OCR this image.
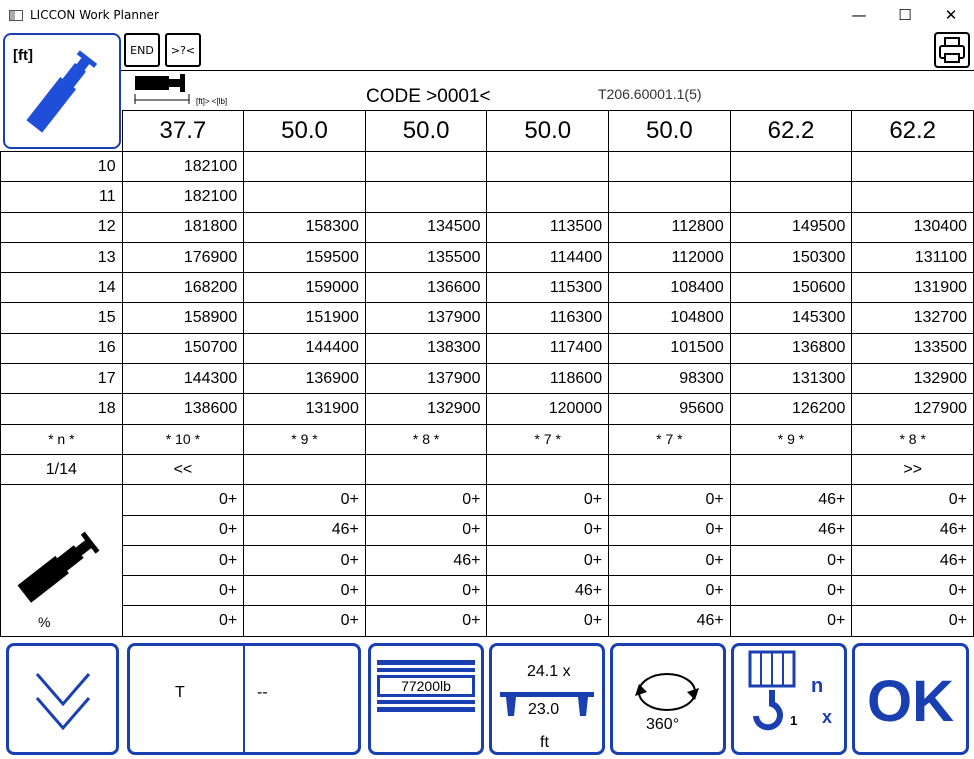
LICCON Work Planner	—	☐	✕
[ft]	END	>?<
[ft]> <[lb]	CODE >0001<	T206.60001.1(5)
	37.7	50.0	50.0	50.0	50.0	62.2	62.2
10	182100						
11	182100						
12	181800	158300	134500	113500	112800	149500	130400
13	176900	159500	135500	114400	112000	150300	131100
14	168200	159000	136600	115300	108400	150600	131900
15	158900	151900	137900	116300	104800	145300	132700
16	150700	144400	138300	117400	101500	136800	133500
17	144300	136900	137900	118600	98300	131300	132900
18	138600	131900	132900	120000	95600	126200	127900
* n *	* 10 *	* 9 *	* 8 *	* 7 *	* 7 *	* 9 *	* 8 *
1/14	<<						>>

	0+	0+	0+	0+	0+	46+	0+
	0+	46+	0+	0+	0+	46+	46+
	0+	0+	46+	0+	0+	0+	46+
	0+	0+	0+	46+	0+	0+	0+
	0+	0+	0+	0+	46+	0+	0+
%
T	--	77200lb
24.1 x
23.0
ft
360°
n
1 x OK
